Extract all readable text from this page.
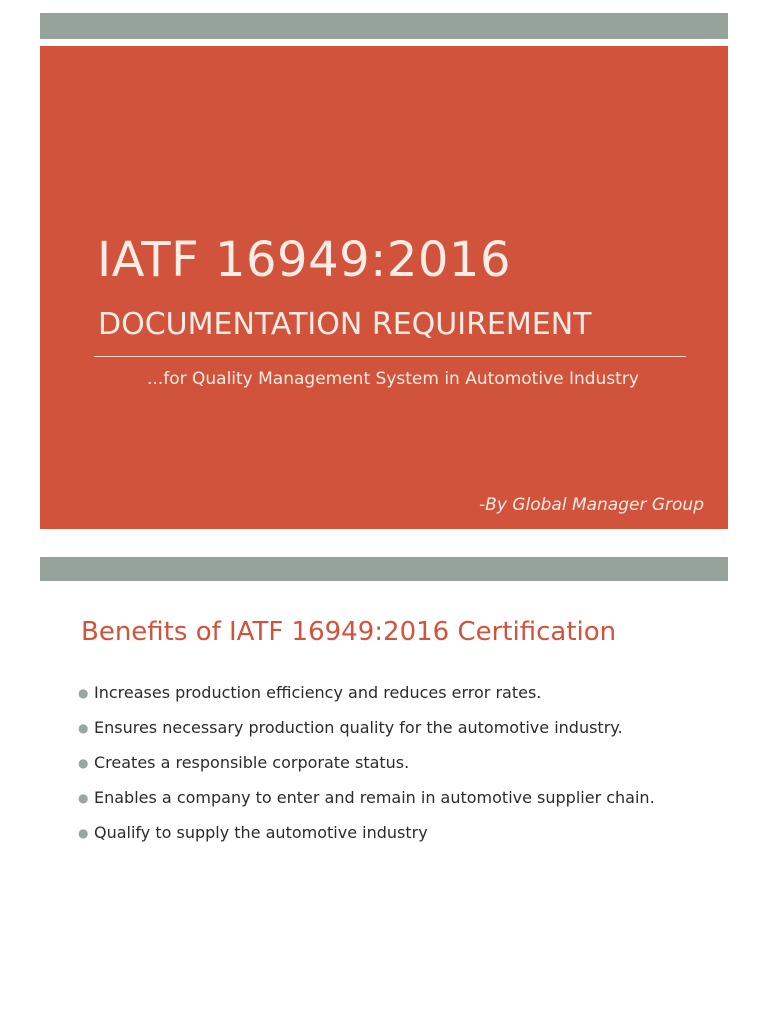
IATF 16949:2016
DOCUMENTATION REQUIREMENT
...for Quality Management System in Automotive Industry
-By Global Manager Group
Benefits of IATF 16949:2016 Certification
● Increases production efficiency and reduces error rates.
● Ensures necessary production quality for the automotive industry.
● Creates a responsible corporate status.
● Enables a company to enter and remain in automotive supplier chain.
● Qualify to supply the automotive industry
